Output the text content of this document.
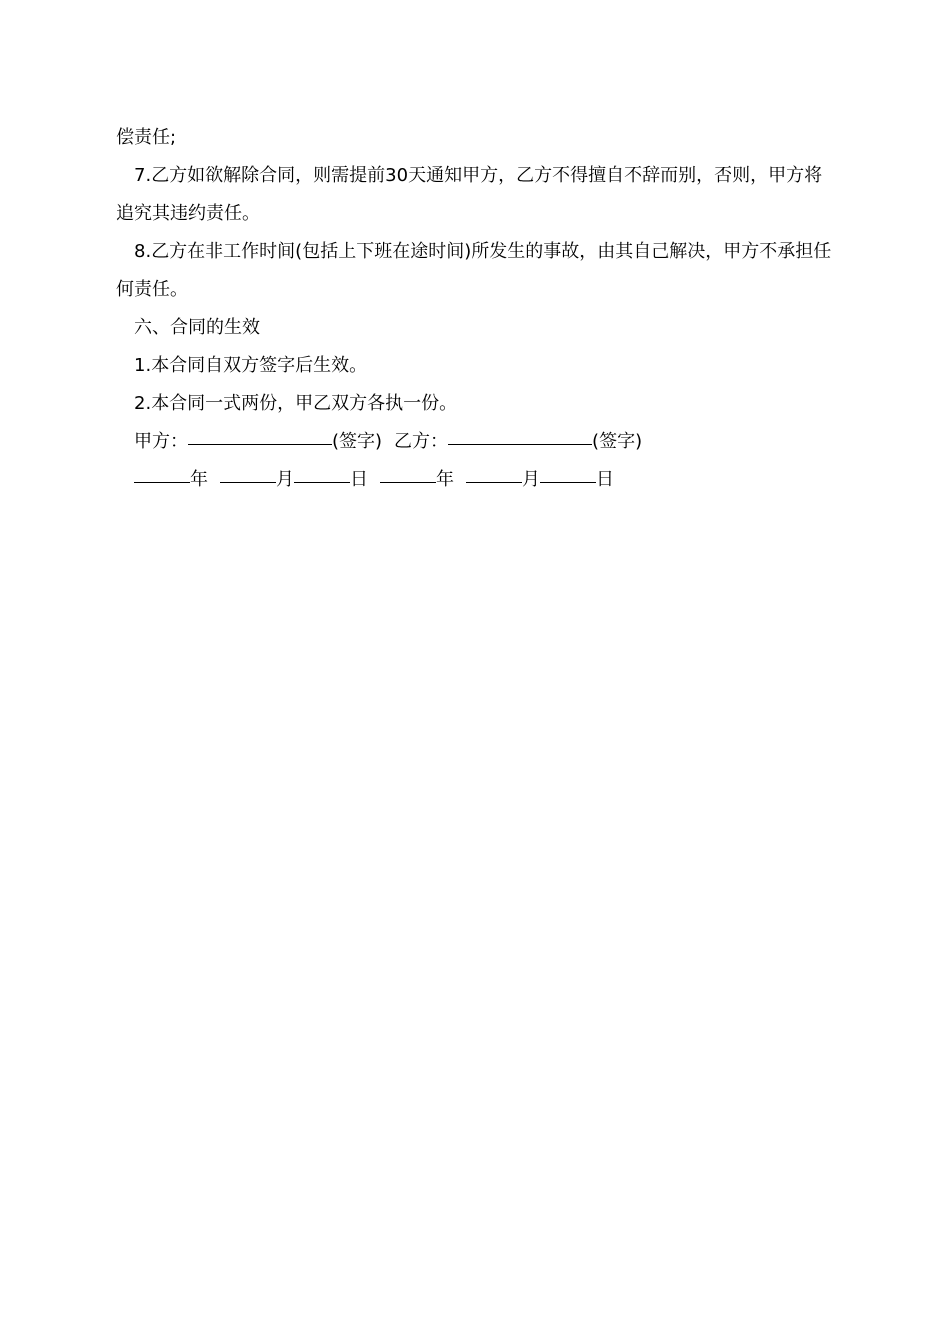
偿责任;

7.乙方如欲解除合同，则需提前30天通知甲方，乙方不得擅自不辞而别，否则，甲方将追究其违约责任。

8.乙方在非工作时间(包括上下班在途时间)所发生的事故，由其自己解决，甲方不承担任何责任。

六、合同的生效

1.本合同自双方签字后生效。

2.本合同一式两份，甲乙双方各执一份。

甲方：	(签字) 乙方：	(签字)

年	月	日	年	月	日
